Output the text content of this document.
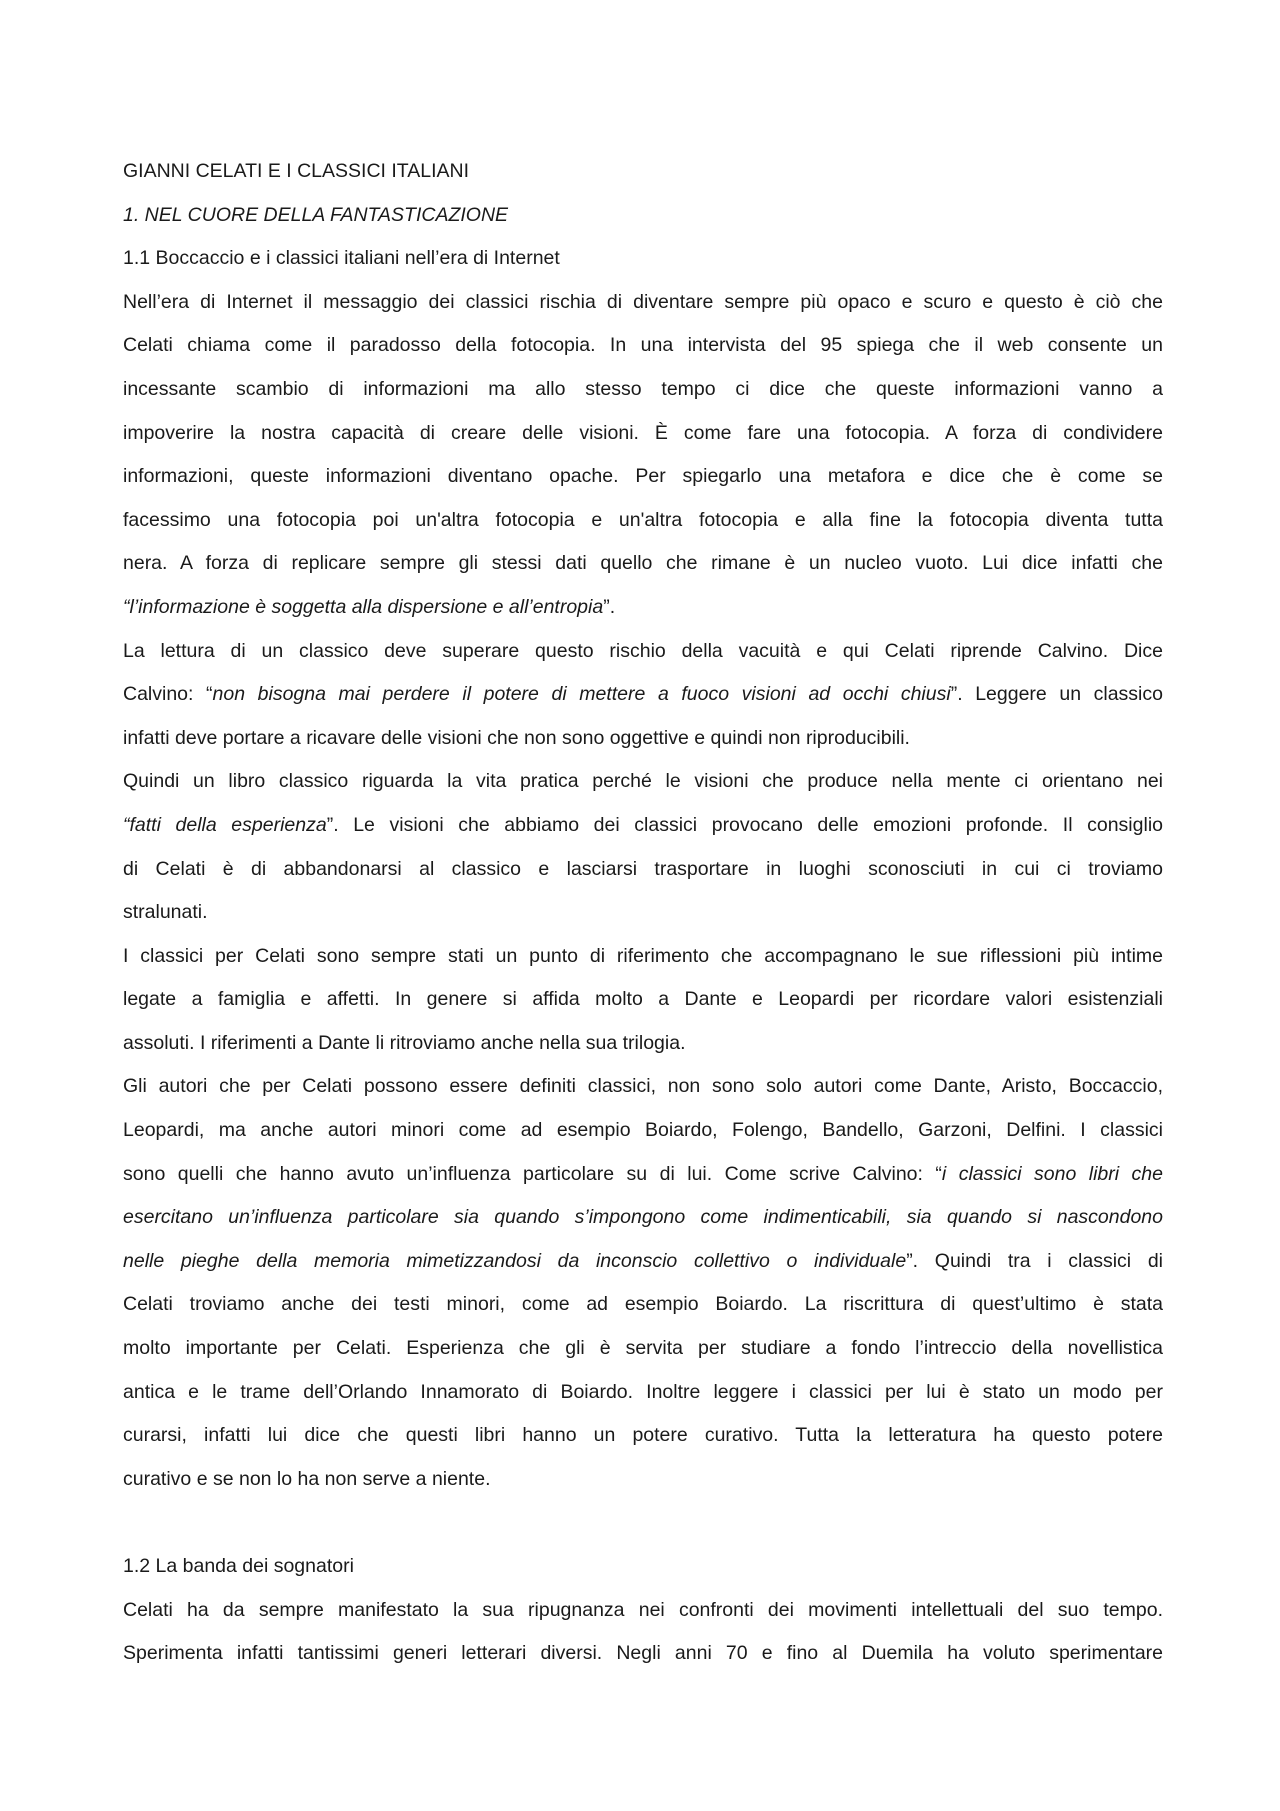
GIANNI CELATI E I CLASSICI ITALIANI
1. NEL CUORE DELLA FANTASTICAZIONE
1.1 Boccaccio e i classici italiani nell’era di Internet
Nell’era di Internet il messaggio dei classici rischia di diventare sempre più opaco e scuro e questo è ciò che
Celati chiama come il paradosso della fotocopia. In una intervista del 95 spiega che il web consente un
incessante scambio di informazioni ma allo stesso tempo ci dice che queste informazioni vanno a
impoverire la nostra capacità di creare delle visioni. È come fare una fotocopia. A forza di condividere
informazioni, queste informazioni diventano opache. Per spiegarlo una metafora e dice che è come se
facessimo una fotocopia poi un'altra fotocopia e un'altra fotocopia e alla fine la fotocopia diventa tutta
nera. A forza di replicare sempre gli stessi dati quello che rimane è un nucleo vuoto. Lui dice infatti che
“l’informazione è soggetta alla dispersione e all’entropia”.
La lettura di un classico deve superare questo rischio della vacuità e qui Celati riprende Calvino. Dice
Calvino: “non bisogna mai perdere il potere di mettere a fuoco visioni ad occhi chiusi”. Leggere un classico
infatti deve portare a ricavare delle visioni che non sono oggettive e quindi non riproducibili.
Quindi un libro classico riguarda la vita pratica perché le visioni che produce nella mente ci orientano nei
“fatti della esperienza”. Le visioni che abbiamo dei classici provocano delle emozioni profonde. Il consiglio
di Celati è di abbandonarsi al classico e lasciarsi trasportare in luoghi sconosciuti in cui ci troviamo
stralunati.
I classici per Celati sono sempre stati un punto di riferimento che accompagnano le sue riflessioni più intime
legate a famiglia e affetti. In genere si affida molto a Dante e Leopardi per ricordare valori esistenziali
assoluti. I riferimenti a Dante li ritroviamo anche nella sua trilogia.
Gli autori che per Celati possono essere definiti classici, non sono solo autori come Dante, Aristo, Boccaccio,
Leopardi, ma anche autori minori come ad esempio Boiardo, Folengo, Bandello, Garzoni, Delfini. I classici
sono quelli che hanno avuto un’influenza particolare su di lui. Come scrive Calvino: “i classici sono libri che
esercitano un’influenza particolare sia quando s’impongono come indimenticabili, sia quando si nascondono
nelle pieghe della memoria mimetizzandosi da inconscio collettivo o individuale”. Quindi tra i classici di
Celati troviamo anche dei testi minori, come ad esempio Boiardo. La riscrittura di quest’ultimo è stata
molto importante per Celati. Esperienza che gli è servita per studiare a fondo l’intreccio della novellistica
antica e le trame dell’Orlando Innamorato di Boiardo. Inoltre leggere i classici per lui è stato un modo per
curarsi, infatti lui dice che questi libri hanno un potere curativo. Tutta la letteratura ha questo potere
curativo e se non lo ha non serve a niente.
1.2 La banda dei sognatori
Celati ha da sempre manifestato la sua ripugnanza nei confronti dei movimenti intellettuali del suo tempo.
Sperimenta infatti tantissimi generi letterari diversi. Negli anni 70 e fino al Duemila ha voluto sperimentare
